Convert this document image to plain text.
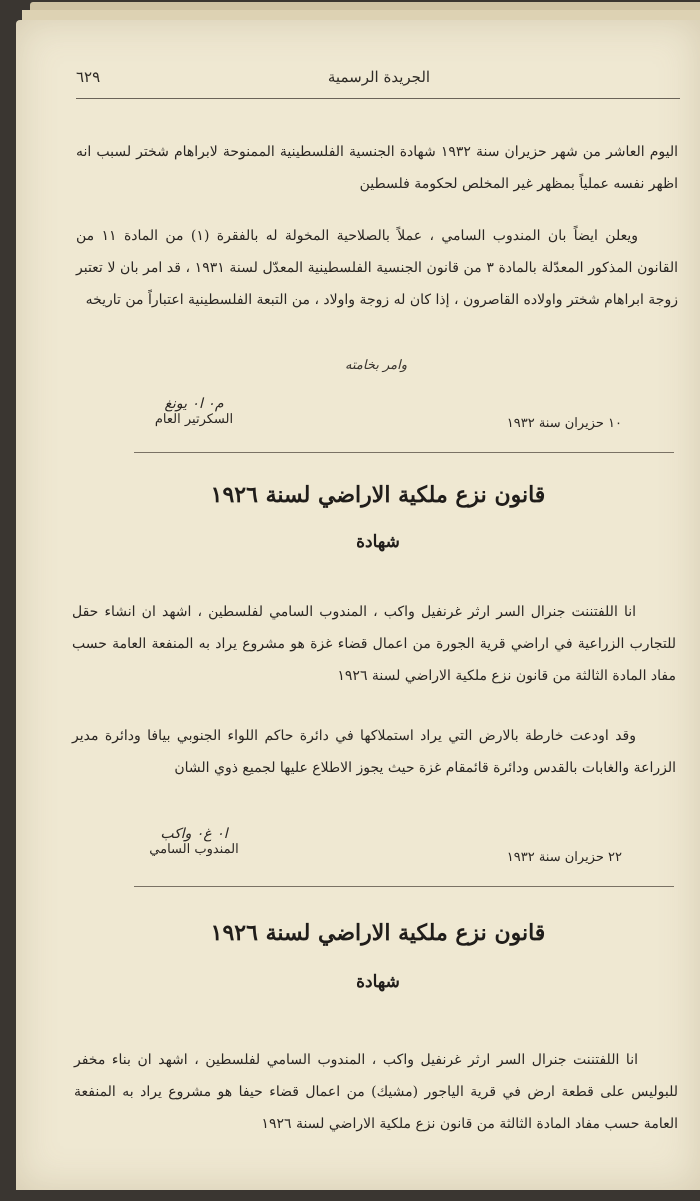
الجريدة الرسمية
٦٢٩
اليوم العاشر من شهر حزيران سنة ١٩٣٢ شهادة الجنسية الفلسطينية الممنوحة لابراهام شختر لسبب انه اظهر نفسه عملياً بمظهر غير المخلص لحكومة فلسطين
ويعلن ايضاً بان المندوب السامي ، عملاً بالصلاحية المخولة له بالفقرة (١) من المادة ١١ من القانون المذكور المعدّلة بالمادة ٣ من قانون الجنسية الفلسطينية المعدّل لسنة ١٩٣١ ، قد امر بان لا تعتبر زوجة ابراهام شختر واولاده القاصرون ، إذا كان له زوجة واولاد ، من التبعة الفلسطينية اعتباراً من تاريخه
وامر بخامته
م٠ ا٠ يونغ
السكرتير العام	١٠ حزيران سنة ١٩٣٢
قانون نزع ملكية الاراضي لسنة ١٩٢٦
شهادة
انا اللفتننت جنرال السر ارثر غرنفيل واكب ، المندوب السامي لفلسطين ، اشهد ان انشاء حقل للتجارب الزراعية في اراضي قرية الجورة من اعمال قضاء غزة هو مشروع يراد به المنفعة العامة حسب مفاد المادة الثالثة من قانون نزع ملكية الاراضي لسنة ١٩٢٦
وقد اودعت خارطة بالارض التي يراد استملاكها في دائرة حاكم اللواء الجنوبي بيافا ودائرة مدير الزراعة والغابات بالقدس ودائرة قائمقام غزة حيث يجوز الاطلاع عليها لجميع ذوي الشان
ا٠ غ٠ واكب
المندوب السامي
٢٢ حزيران سنة ١٩٣٢
قانون نزع ملكية الاراضي لسنة ١٩٢٦
شهادة
انا اللفتننت جنرال السر ارثر غرنفيل واكب ، المندوب السامي لفلسطين ، اشهد ان بناء مخفر للبوليس على قطعة ارض في قرية الياجور (مشيك) من اعمال قضاء حيفا هو مشروع يراد به المنفعة العامة حسب مفاد المادة الثالثة من قانون نزع ملكية الاراضي لسنة ١٩٢٦
